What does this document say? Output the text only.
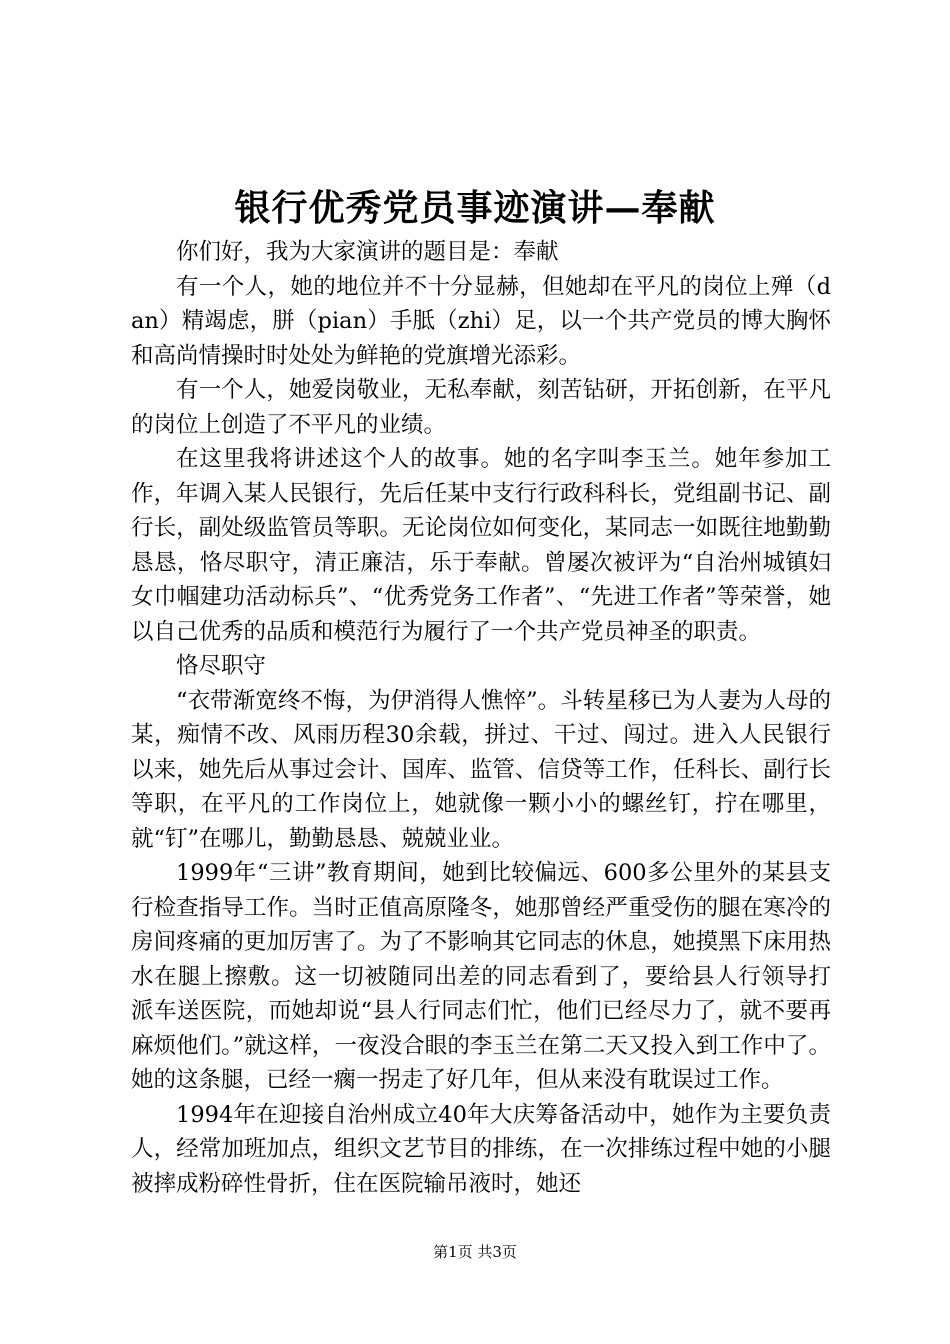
银行优秀党员事迹演讲—奉献

你们好，我为大家演讲的题目是：奉献

有一个人，她的地位并不十分显赫，但她却在平凡的岗位上殚（dan）精竭虑，胼（pian）手胝（zhi）足，以一个共产党员的博大胸怀和高尚情操时时处处为鲜艳的党旗增光添彩。

有一个人，她爱岗敬业，无私奉献，刻苦钻研，开拓创新，在平凡的岗位上创造了不平凡的业绩。

在这里我将讲述这个人的故事。她的名字叫李玉兰。她年参加工作，年调入某人民银行，先后任某中支行行政科科长，党组副书记、副行长，副处级监管员等职。无论岗位如何变化，某同志一如既往地勤勤恳恳，恪尽职守，清正廉洁，乐于奉献。曾屡次被评为“自治州城镇妇女巾帼建功活动标兵”、“优秀党务工作者”、“先进工作者”等荣誉，她以自己优秀的品质和模范行为履行了一个共产党员神圣的职责。

恪尽职守

“衣带渐宽终不悔，为伊消得人憔悴”。斗转星移已为人妻为人母的某，痴情不改、风雨历程30余载，拼过、干过、闯过。进入人民银行以来，她先后从事过会计、国库、监管、信贷等工作，任科长、副行长等职，在平凡的工作岗位上，她就像一颗小小的螺丝钉，拧在哪里，就“钉”在哪儿，勤勤恳恳、兢兢业业。

1999年“三讲”教育期间，她到比较偏远、600多公里外的某县支行检查指导工作。当时正值高原隆冬，她那曾经严重受伤的腿在寒冷的房间疼痛的更加厉害了。为了不影响其它同志的休息，她摸黑下床用热水在腿上擦敷。这一切被随同出差的同志看到了，要给县人行领导打　派车送医院，而她却说“县人行同志们忙，他们已经尽力了，就不要再麻烦他们。”就这样，一夜没合眼的李玉兰在第二天又投入到工作中了。她的这条腿，已经一瘸一拐走了好几年，但从来没有耽误过工作。

1994年在迎接自治州成立40年大庆筹备活动中，她作为主要负责人，经常加班加点，组织文艺节目的排练，在一次排练过程中她的小腿被摔成粉碎性骨折，住在医院输吊液时，她还

第1页 共3页
